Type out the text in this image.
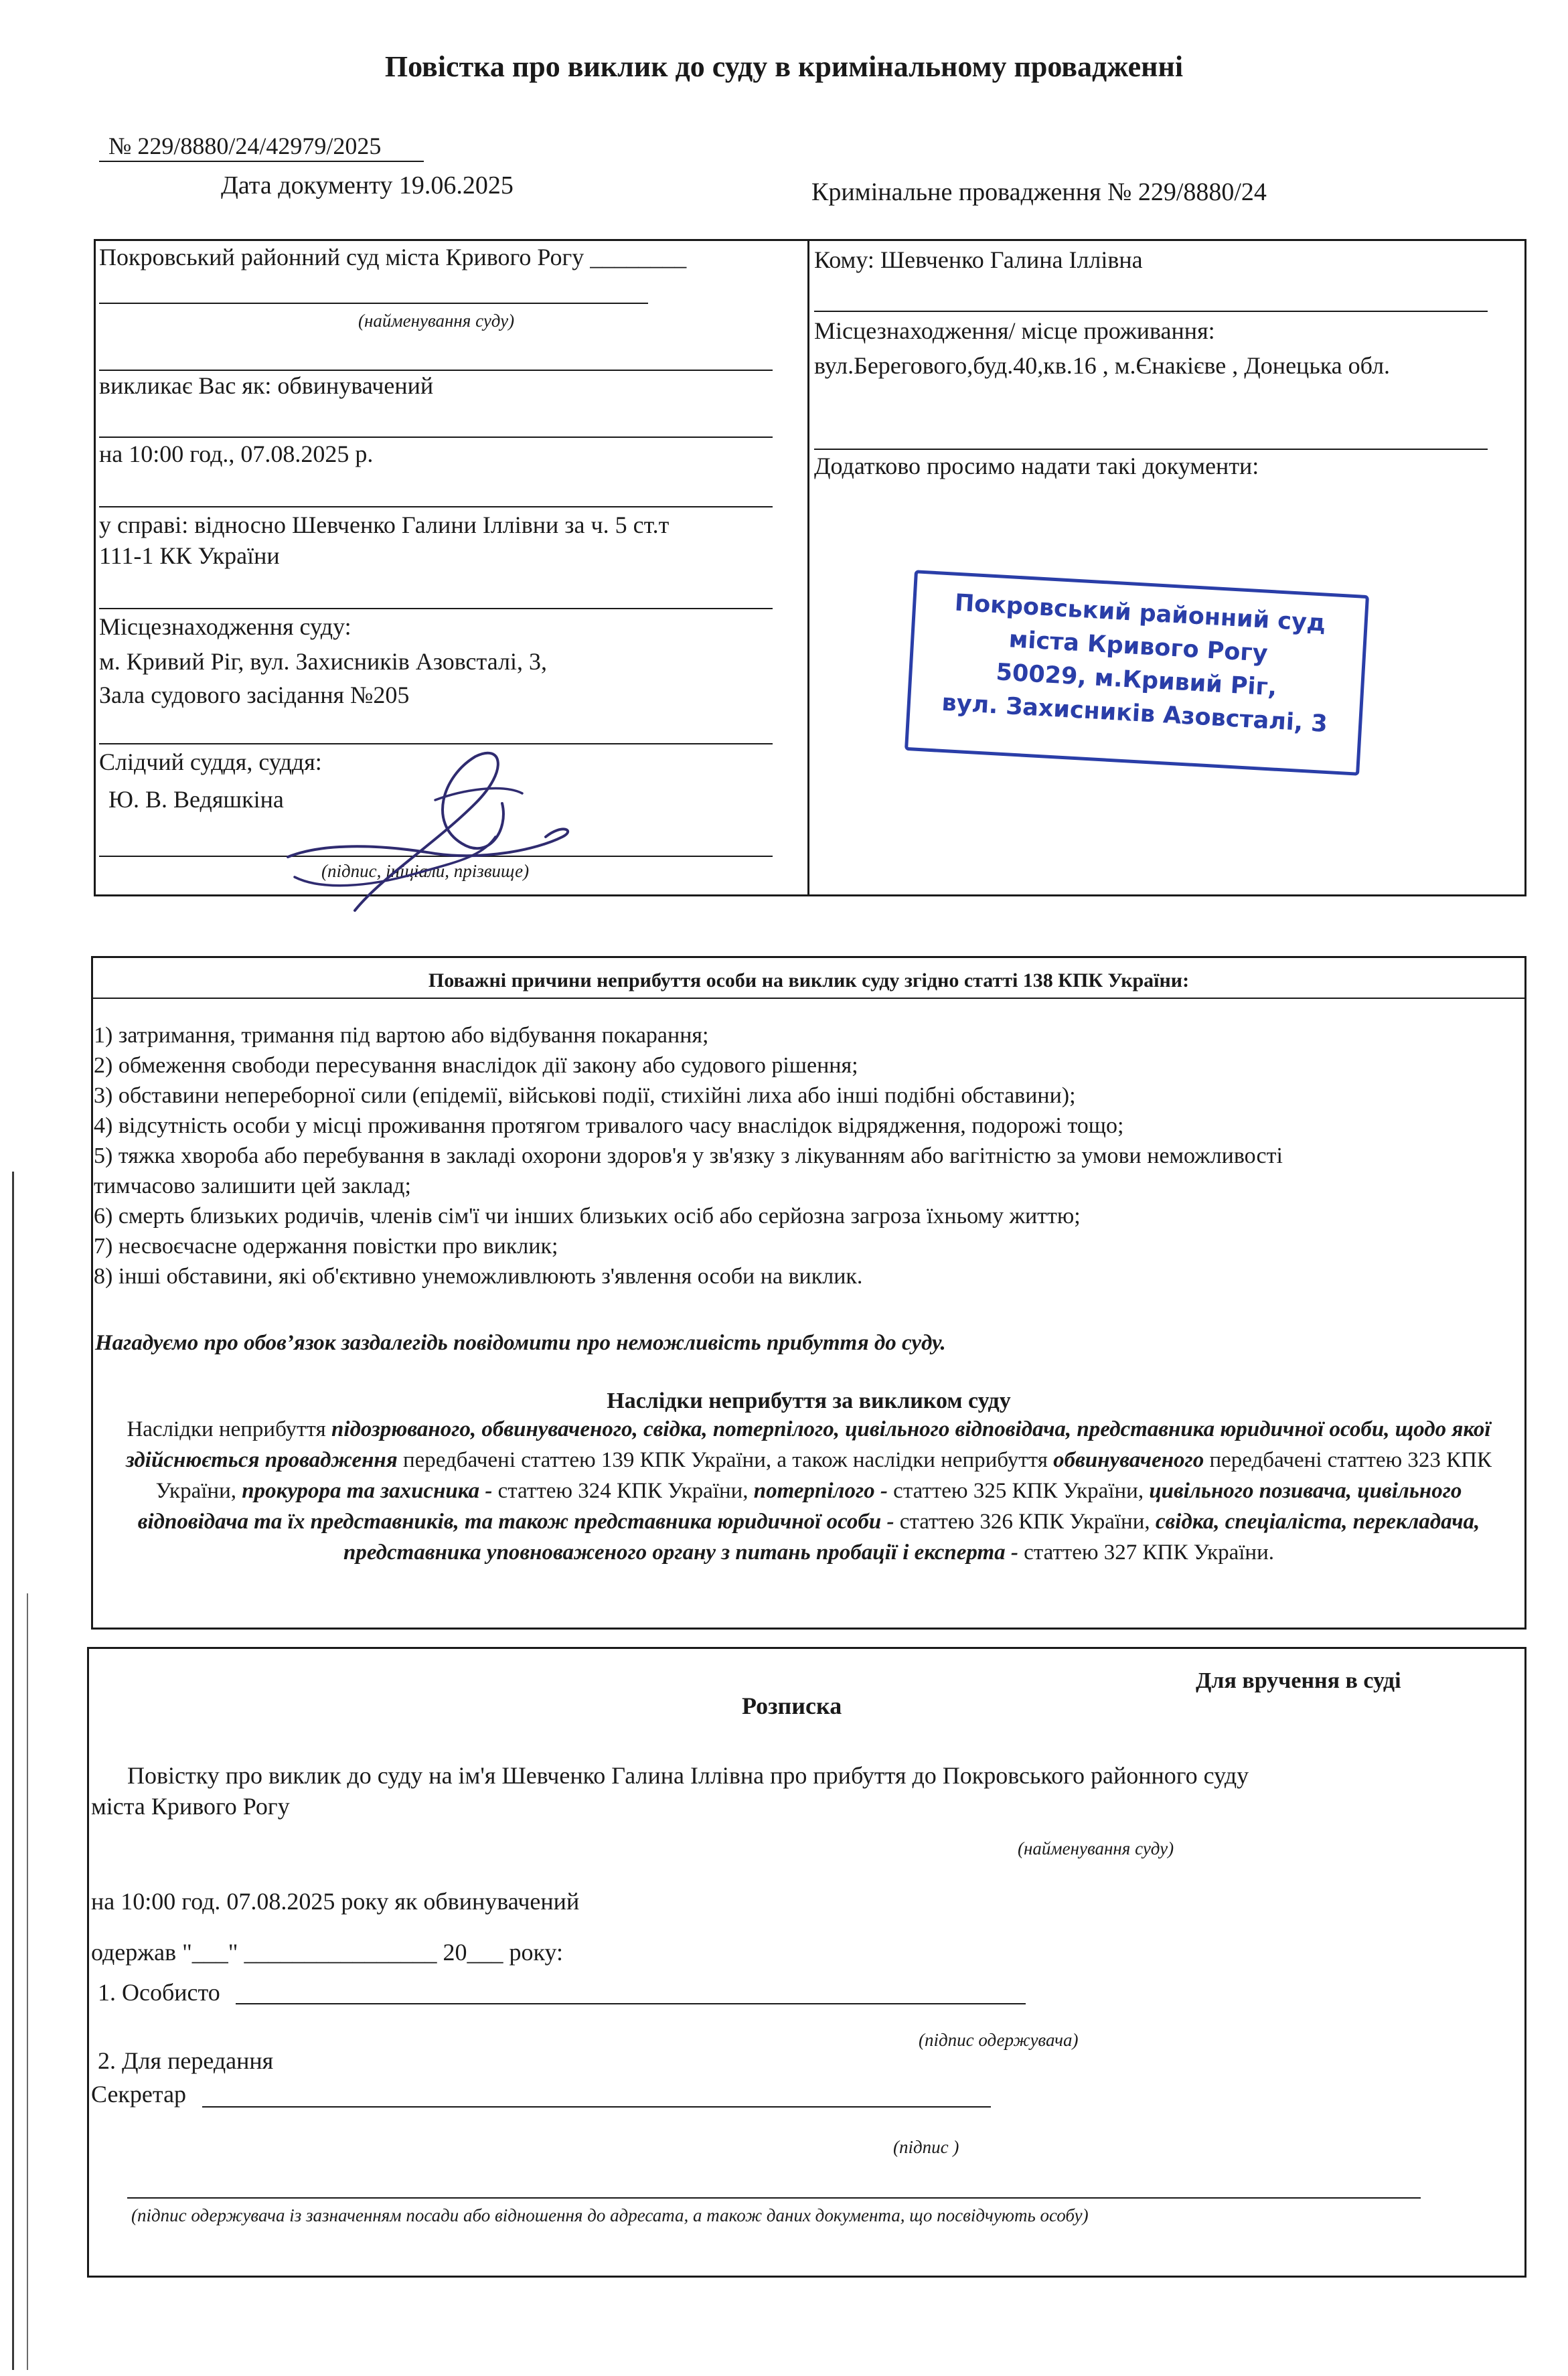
Повістка про виклик до суду в кримінальному провадженні
№ 229/8880/24/42979/2025
Дата документу 19.06.2025	Кримінальне провадження № 229/8880/24
Покровський районний суд міста Кривого Рогу ________
(найменування суду)
викликає Вас як: обвинувачений
на 10:00 год., 07.08.2025 р.
у справі: відносно Шевченко Галини Іллівни за ч. 5 ст.т
111-1 КК України
Місцезнаходження суду:
м. Кривий Ріг, вул. Захисників Азовсталі, 3,
Зала судового засідання №205
Слідчий суддя, суддя:
Ю. В. Ведяшкіна
(підпис, ініціали, прізвище)
Кому: Шевченко Галина Іллівна
Місцезнаходження/ місце проживання:
вул.Берегового,буд.40,кв.16 , м.Єнакієве , Донецька обл.
Додатково просимо надати такі документи:
Покровський районний суд
міста Кривого Рогу
50029, м.Кривий Ріг,
вул. Захисників Азовсталі, 3
Поважні причини неприбуття особи на виклик суду згідно статті 138 КПК України:

1) затримання, тримання під вартою або відбування покарання;

2) обмеження свободи пересування внаслідок дії закону або судового рішення;

3) обставини непереборної сили (епідемії, військові події, стихійні лиха або інші подібні обставини);

4) відсутність особи у місці проживання протягом тривалого часу внаслідок відрядження, подорожі тощо;

5) тяжка хвороба або перебування в закладі охорони здоров'я у зв'язку з лікуванням або вагітністю за умови неможливості

тимчасово залишити цей заклад;

6) смерть близьких родичів, членів сім'ї чи інших близьких осіб або серйозна загроза їхньому життю;

7) несвоєчасне одержання повістки про виклик;

8) інші обставини, які об'єктивно унеможливлюють з'явлення особи на виклик.

Нагадуємо про обов’язок заздалегідь повідомити про неможливість прибуття до суду.
Наслідки неприбуття за викликом суду
Наслідки неприбуття підозрюваного, обвинуваченого, свідка, потерпілого, цивільного відповідача, представника юридичної особи, щодо якої здійснюється провадження передбачені статтею 139 КПК України, а також наслідки неприбуття обвинуваченого передбачені статтею 323 КПК України, прокурора та захисника - статтею 324 КПК України, потерпілого - статтею 325 КПК України, цивільного позивача, цивільного відповідача та їх представників, та також представника юридичної особи - статтею 326 КПК України, свідка, спеціаліста, перекладача, представника уповноваженого органу з питань пробації і експерта - статтею 327 КПК України.
Для вручення в суді
Розписка
Повістку про виклик до суду на ім'я Шевченко Галина Іллівна про прибуття до Покровського районного суду
міста Кривого Рогу
(найменування суду)
на 10:00 год. 07.08.2025 року як обвинувачений
одержав "___" ________________ 20___ року:
1. Особисто
(підпис одержувача)
2. Для передання
Секретар
(підпис )
(підпис одержувача із зазначенням посади або відношення до адресата, а також даних документа, що посвідчують особу)
